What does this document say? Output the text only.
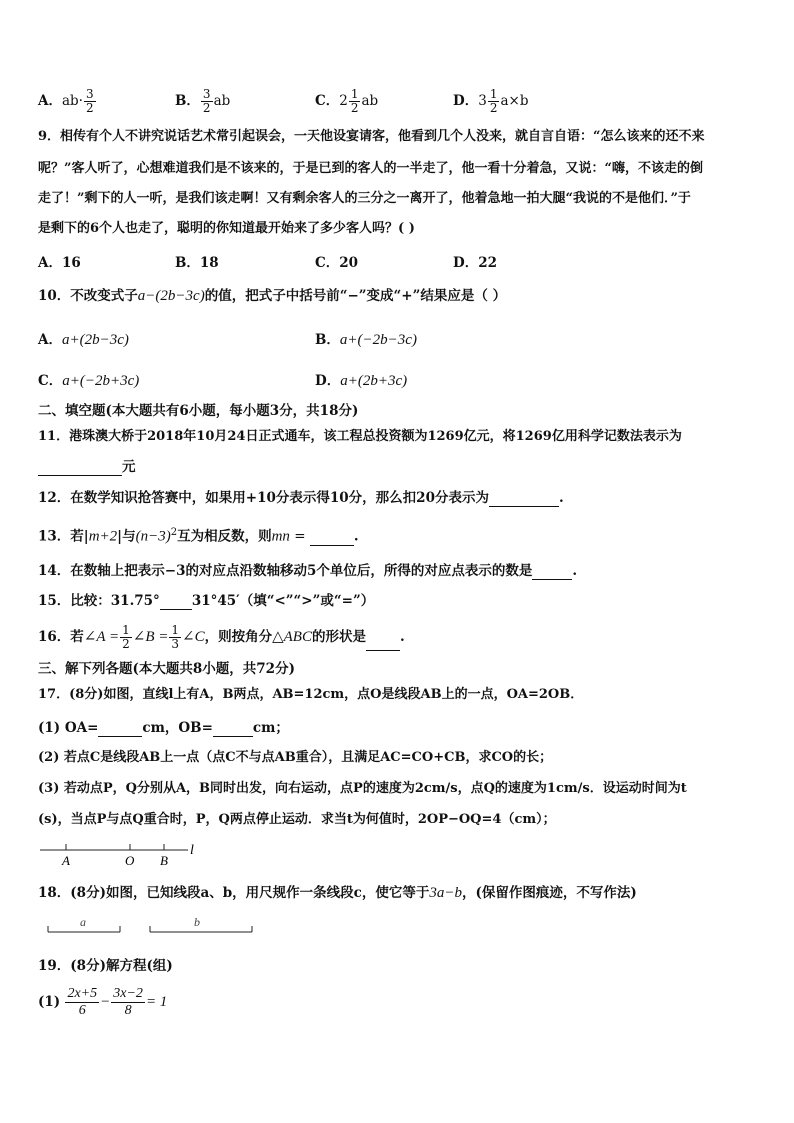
A．$ab\cdot \frac{3}{2}$	B． $\frac{3}{2}$ ab	C．$2 \frac{1}{2}$ ab	D．$3 \frac{1}{2} a\times b$
9．相传有个人不讲究说话艺术常引起误会，一天他设宴请客，他看到几个人没来，就自言自语：“怎么该来的还不来
呢？”客人听了，心想难道我们是不该来的，于是已到的客人的一半走了，他一看十分着急，又说：“嗨，不该走的倒
走了！”剩下的人一听，是我们该走啊！又有剩余客人的三分之一离开了，他着急地一拍大腿“我说的不是他们．”于
是剩下的6个人也走了，聪明的你知道最开始来了多少客人吗？( )
A．16	B．18	C．20	D．22
10．不改变式子a−(2b−3c)的值，把式子中括号前“−”变成“+”结果应是（ ）
A．a+(2b−3c)	B．a+(−2b−3c)
C．a+(−2b+3c)	D．a+(2b+3c)
二、填空题(本大题共有6小题，每小题3分，共18分)
11．港珠澳大桥于2018年10月24日正式通车，该工程总投资额为1269亿元，将1269亿用科学记数法表示为
元
12．在数学知识抢答赛中，如果用+10分表示得10分，那么扣20分表示为	.
13．若|m+2|与$(n-3)^2$互为相反数，则mn =	.
14．在数轴上把表示−3的对应点沿数轴移动5个单位后，所得的对应点表示的数是	.
15．比较：31.75° 31°45′（填“<”“>”或“=”）
16．若∠A = $\frac{1}{2}$ ∠B = $\frac{1}{3}$ ∠C，则按角分△ABC的形状是	.
三、解下列各题(本大题共8小题，共72分)
17．(8分)如图，直线l上有A，B两点，AB=12cm，点O是线段AB上的一点，OA=2OB．
(1) OA=	cm，OB=	cm；
(2) 若点C是线段AB上一点（点C不与点AB重合），且满足AC=CO+CB，求CO的长；
(3) 若动点P，Q分别从A，B同时出发，向右运动，点P的速度为2cm/s，点Q的速度为1cm/s．设运动时间为t
(s)，当点P与点Q重合时，P，Q两点停止运动．求当t为何值时，2OP−OQ=4（cm）；
A	O B
l
18．(8分)如图，已知线段a、b，用尺规作一条线段c，使它等于3a−b，(保留作图痕迹，不写作法)
a	b
19．(8分)解方程(组)
$(1) \frac{2x+5}{6} - \frac{3x-2}{8} = 1$
